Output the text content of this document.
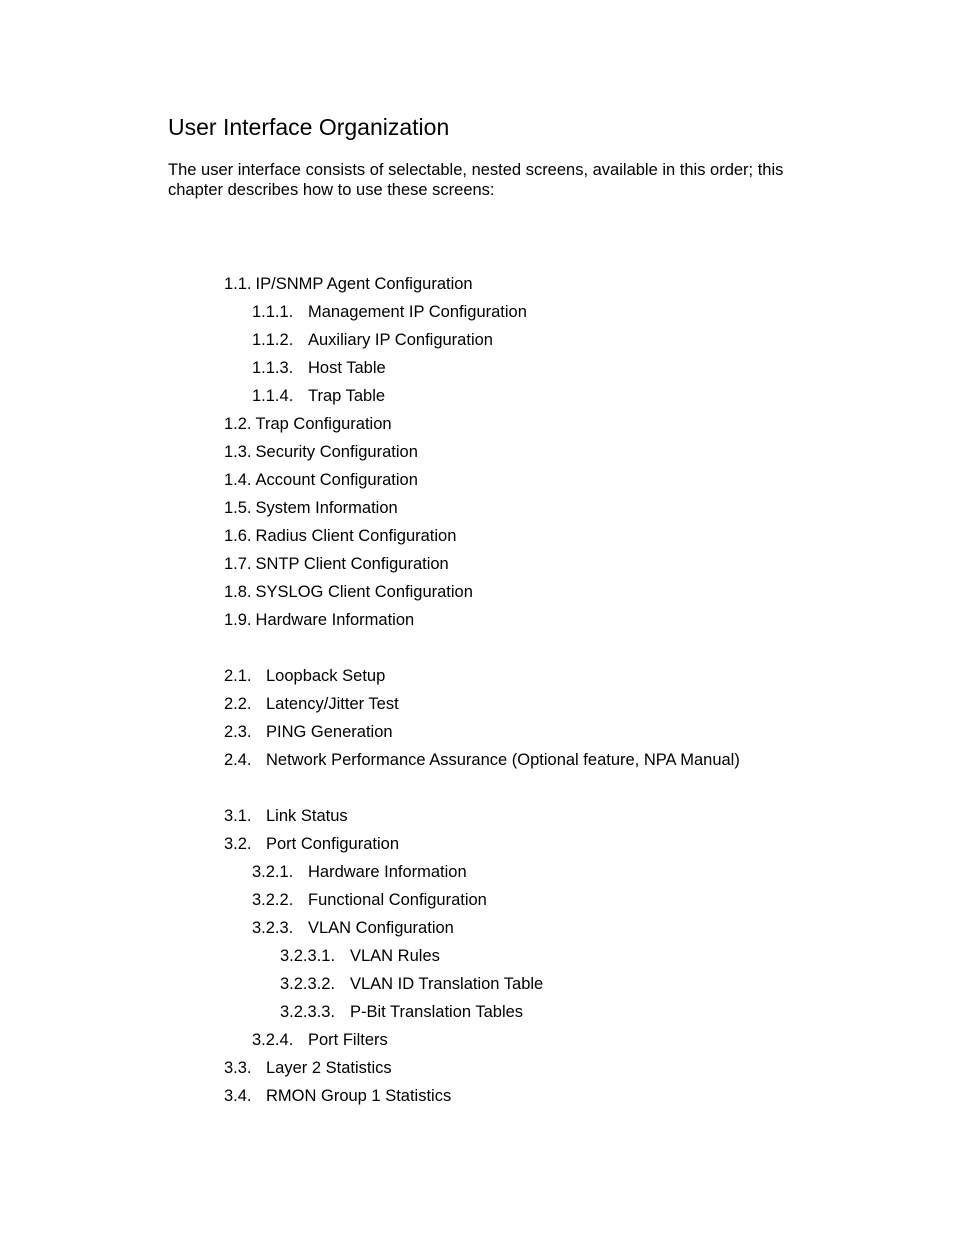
User Interface Organization

The user interface consists of selectable, nested screens, available in this order; this chapter describes how to use these screens:

1.1. IP/SNMP Agent Configuration
1.1.1. Management IP Configuration
1.1.2. Auxiliary IP Configuration
1.1.3. Host Table
1.1.4. Trap Table
1.2. Trap Configuration
1.3. Security Configuration
1.4. Account Configuration
1.5. System Information
1.6. Radius Client Configuration
1.7. SNTP Client Configuration
1.8. SYSLOG Client Configuration
1.9. Hardware Information
2.1. Loopback Setup
2.2. Latency/Jitter Test
2.3. PING Generation
2.4. Network Performance Assurance (Optional feature, NPA Manual)
3.1. Link Status
3.2. Port Configuration
3.2.1. Hardware Information
3.2.2. Functional Configuration
3.2.3. VLAN Configuration
3.2.3.1. VLAN Rules
3.2.3.2. VLAN ID Translation Table
3.2.3.3. P-Bit Translation Tables
3.2.4. Port Filters
3.3. Layer 2 Statistics
3.4. RMON Group 1 Statistics
